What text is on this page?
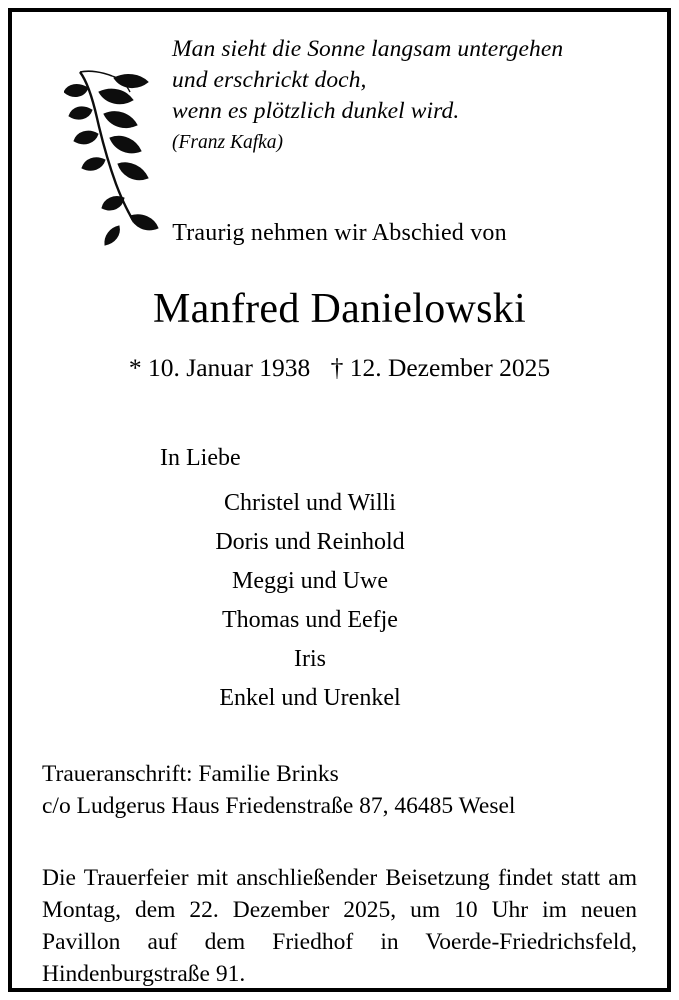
Man sieht die Sonne langsam untergehen
und erschrickt doch,
wenn es plötzlich dunkel wird.
(Franz Kafka)
Traurig nehmen wir Abschied von
Manfred Danielowski
* 10. Januar 1938 † 12. Dezember 2025
In Liebe
Christel und Willi
Doris und Reinhold
Meggi und Uwe
Thomas und Eefje
Iris
Enkel und Urenkel
Traueranschrift: Familie Brinks
c/o Ludgerus Haus Friedenstraße 87, 46485 Wesel
Die Trauerfeier mit anschließender Beisetzung findet statt am Montag, dem 22. Dezember 2025, um 10 Uhr im neuen Pavillon auf dem Friedhof in Voerde-Friedrichsfeld, Hindenburgstraße 91.
